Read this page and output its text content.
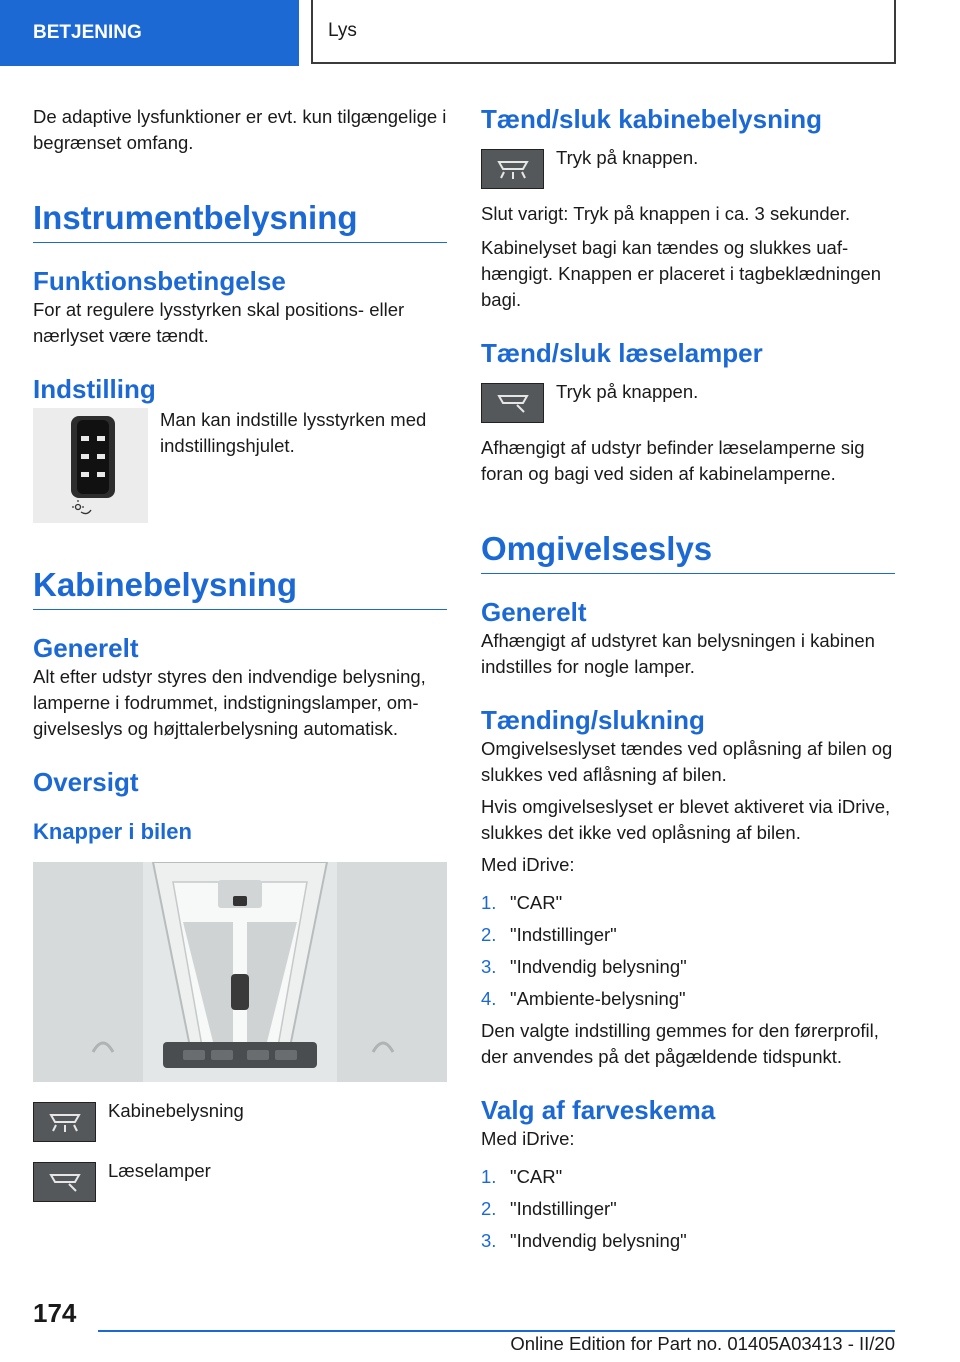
BETJENING	Lys

De adaptive lysfunktioner er evt. kun tilgængelige i begrænset omfang.

Instrumentbelysning
Funktionsbetingelse

For at regulere lysstyrken skal positions- eller nærlyset være tændt.

Indstilling

Man kan indstille lysstyrken med indstillingshjulet.

Kabinebelysning
Generelt

Alt efter udstyr styres den indvendige belysning, lamperne i fodrummet, indstigningslamper, om-givelseslys og højttalerbelysning automatisk.

Oversigt
Knapper i bilen

Kabinebelysning

Læselamper

Tænd/sluk kabinebelysning

Tryk på knappen.

Slut varigt: Tryk på knappen i ca. 3 sekunder.

Kabinelyset bagi kan tændes og slukkes uaf-hængigt. Knappen er placeret i tagbeklædningen bagi.

Tænd/sluk læselamper

Tryk på knappen.

Afhængigt af udstyr befinder læselamperne sig foran og bagi ved siden af kabinelamperne.

Omgivelseslys
Generelt

Afhængigt af udstyret kan belysningen i kabinen indstilles for nogle lamper.

Tænding/slukning

Omgivelseslyset tændes ved oplåsning af bilen og slukkes ved aflåsning af bilen.

Hvis omgivelseslyset er blevet aktiveret via iDrive, slukkes det ikke ved oplåsning af bilen.

Med iDrive:

1. "CAR"
2. "Indstillinger"
3. "Indvendig belysning"
4. "Ambiente-belysning"

Den valgte indstilling gemmes for den førerprofil, der anvendes på det pågældende tidspunkt.

Valg af farveskema

Med iDrive:

1. "CAR"
2. "Indstillinger"
3. "Indvendig belysning"
174
Online Edition for Part no. 01405A03413 - II/20
